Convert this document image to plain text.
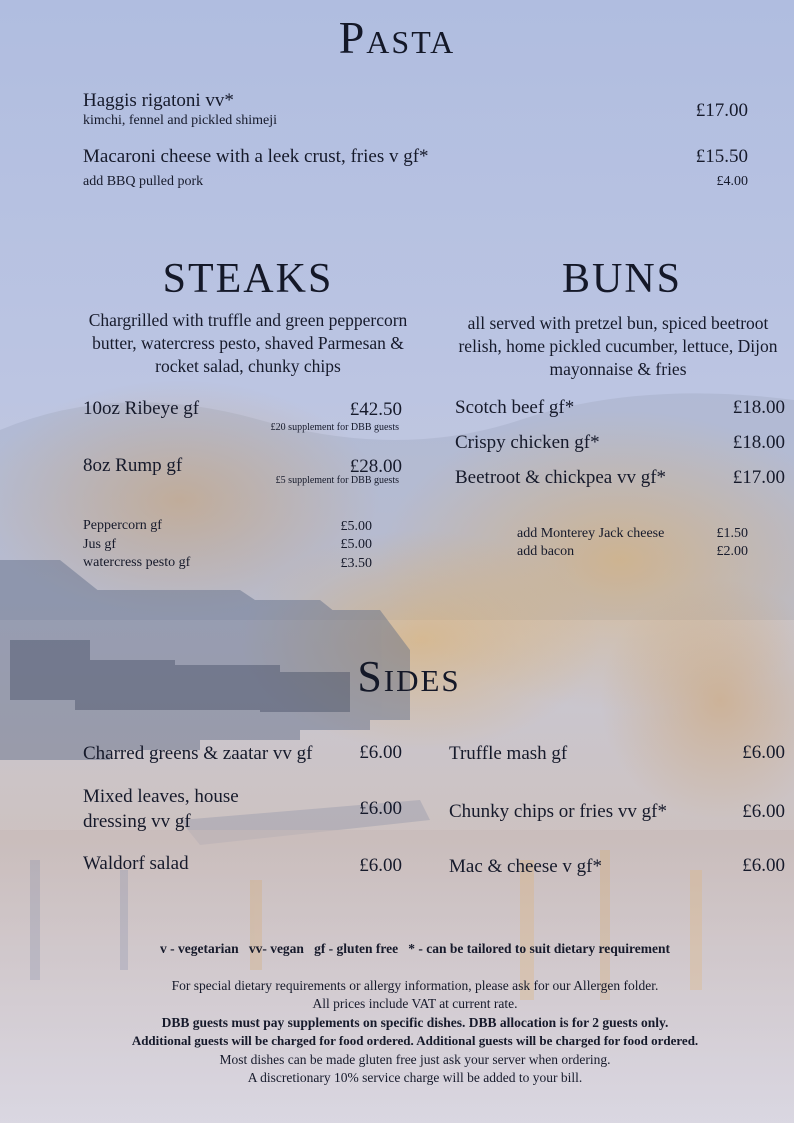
Pasta
Haggis rigatoni vv*
kimchi, fennel and pickled shimeji	£17.00
Macaroni cheese with a leek crust, fries v gf*	£15.50
add BBQ pulled pork	£4.00
STEAKS
Chargrilled with truffle and green peppercorn butter, watercress pesto, shaved Parmesan & rocket salad, chunky chips
10oz Ribeye gf	£42.50
£20 supplement for DBB guests
8oz Rump gf	£28.00
£5 supplement for DBB guests
Peppercorn gf	£5.00
Jus gf	£5.00
watercress pesto gf	£3.50
BUNS
all served with pretzel bun, spiced beetroot relish, home pickled cucumber, lettuce, Dijon mayonnaise & fries
Scotch beef gf*	£18.00
Crispy chicken gf*	£18.00
Beetroot & chickpea vv gf*	£17.00
add Monterey Jack cheese	£1.50
add bacon	£2.00
Sides
Charred greens & zaatar vv gf £6.00
Mixed leaves, house
dressing vv gf
£6.00
Waldorf salad	£6.00
Truffle mash gf	£6.00
Chunky chips or fries vv gf*	£6.00
Mac & cheese v gf*	£6.00
v - vegetarian   vv- vegan   gf - gluten free   * - can be tailored to suit dietary requirement
For special dietary requirements or allergy information, please ask for our Allergen folder.
All prices include VAT at current rate.
DBB guests must pay supplements on specific dishes. DBB allocation is for 2 guests only.
Additional guests will be charged for food ordered. Additional guests will be charged for food ordered.
Most dishes can be made gluten free just ask your server when ordering.
A discretionary 10% service charge will be added to your bill.
